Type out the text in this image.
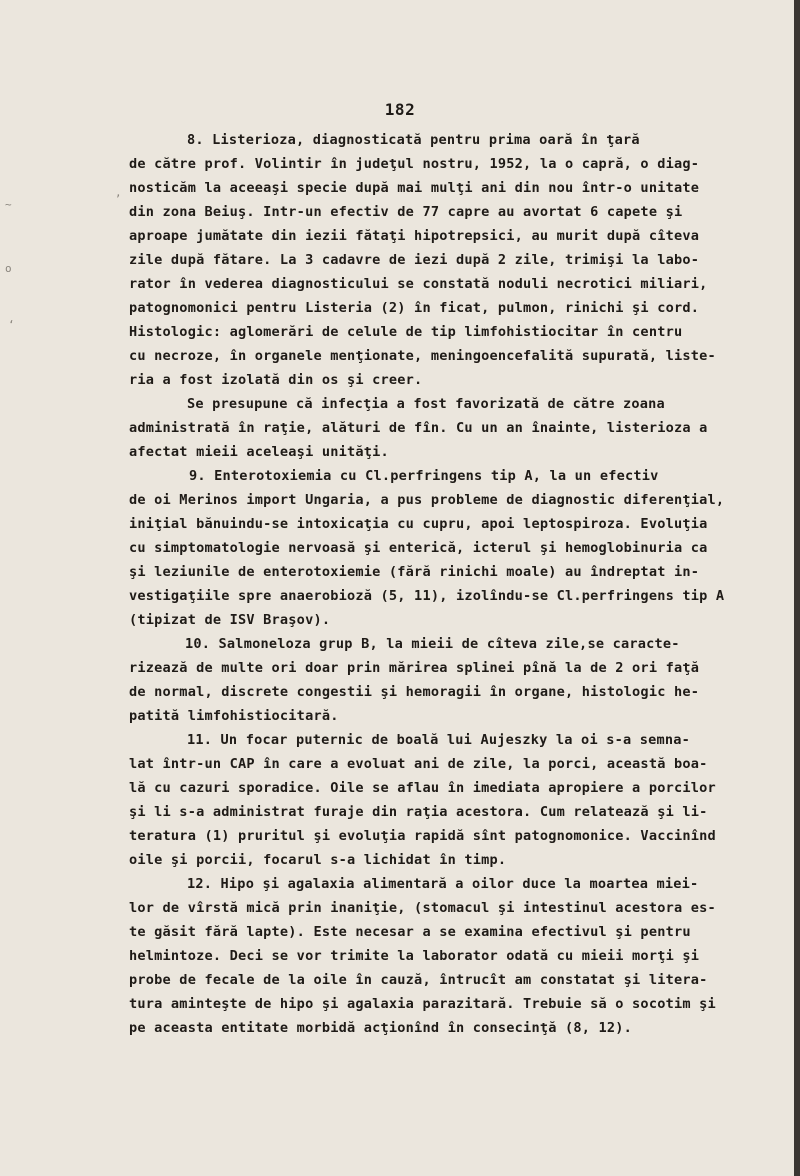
~
o
‘
,
182
8. Listerioza, diagnosticată pentru prima oară în ţară
de către prof. Volintir în judeţul nostru, 1952, la o capră, o diag-
nosticăm la aceeaşi specie după mai mulţi ani din nou într-o unitate
din zona Beiuş. Intr-un efectiv de 77 capre au avortat 6 capete şi
aproape jumătate din iezii fătaţi hipotrepsici, au murit după cîteva
zile după fătare. La 3 cadavre de iezi după 2 zile, trimişi la labo-
rator în vederea diagnosticului se constată noduli necrotici miliari,
patognomonici pentru Listeria (2) în ficat, pulmon, rinichi şi cord.
Histologic: aglomerări de celule de tip limfohistiocitar în centru
cu necroze, în organele menţionate, meningoencefalită supurată, liste-
ria a fost izolată din os şi creer.
Se presupune că infecţia a fost favorizată de către zoana
administrată în raţie, alături de fîn. Cu un an înainte, listerioza a
afectat mieii aceleaşi unităţi.
9. Enterotoxiemia cu Cl.perfringens tip A, la un efectiv
de oi Merinos import Ungaria, a pus probleme de diagnostic diferenţial,
iniţial bănuindu-se intoxicaţia cu cupru, apoi leptospiroza. Evoluţia
cu simptomatologie nervoasă şi enterică, icterul şi hemoglobinuria ca
şi leziunile de enterotoxiemie (fără rinichi moale) au îndreptat in-
vestigaţiile spre anaerobioză (5, 11), izolîndu-se Cl.perfringens tip A
(tipizat de ISV Braşov).
10. Salmoneloza grup B, la mieii de cîteva zile,se caracte-
rizează de multe ori doar prin mărirea splinei pînă la de 2 ori faţă
de normal, discrete congestii şi hemoragii în organe, histologic he-
patită limfohistiocitară.
11. Un focar puternic de boală lui Aujeszky la oi s-a semna-
lat într-un CAP în care a evoluat ani de zile, la porci, această boa-
lă cu cazuri sporadice. Oile se aflau în imediata apropiere a porcilor
şi li s-a administrat furaje din raţia acestora. Cum relatează şi li-
teratura (1) pruritul şi evoluţia rapidă sînt patognomonice. Vaccinînd
oile şi porcii, focarul s-a lichidat în timp.
12. Hipo şi agalaxia alimentară a oilor duce la moartea miei-
lor de vîrstă mică prin inaniţie, (stomacul şi intestinul acestora es-
te găsit fără lapte). Este necesar a se examina efectivul şi pentru
helmintoze. Deci se vor trimite la laborator odată cu mieii morţi şi
probe de fecale de la oile în cauză, întrucît am constatat şi litera-
tura aminteşte de hipo şi agalaxia parazitară. Trebuie să o socotim şi
pe aceasta entitate morbidă acţionînd în consecinţă (8, 12).
